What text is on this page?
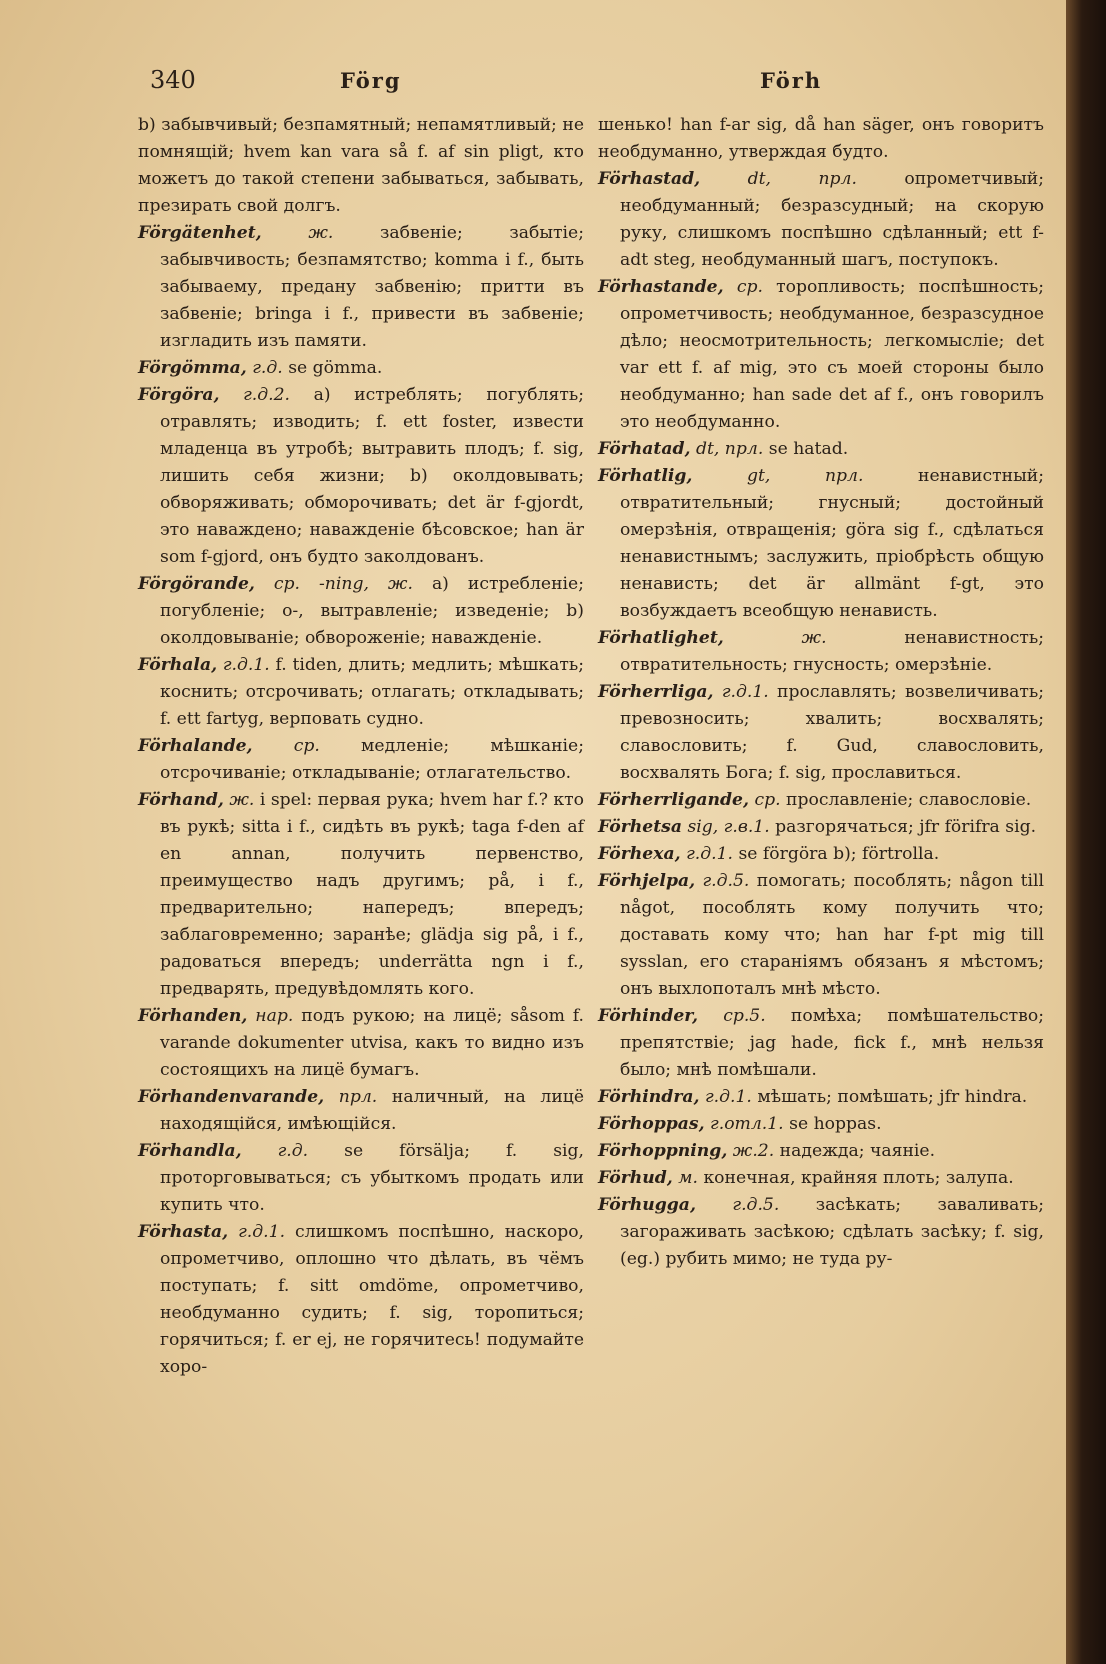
340	Förg	Förh

b) забывчивый; безпамятный; непамятливый; не помнящій; hvem kan vara så f. af sin pligt, кто можетъ до такой степени забываться, забывать, презирать свой долгъ.

Förgätenhet,	ж.	забвеніе; забытіе; забывчивость; безпамятство; komma i f., быть забываему, предану забвенію; притти въ забвеніе; bringa i f., привести въ забвеніе; изгладить изъ памяти.

Förgömma, г.д. se gömma.

Förgöra, г.д.2. а) истреблять; погублять; отравлять; изводить; f. ett foster, извести младенца въ утробѣ; вытравить плодъ; f. sig, лишить себя жизни; b) околдовывать; обворяживать; обморочивать; det är f-gjordt, это наваждено; наважденіе бѣсовское; han är som f-gjord, онъ будто заколдованъ.

Förgörande, ср. -ning, ж. а) истребленіе; погубленіе; о-, вытравленіе; изведеніе; b) околдовываніе; обвороженіе; наважденіе.

Förhala, г.д.1. f. tiden, длить; медлить; мѣшкать; коснить; отсрочивать; отлагать; откладывать; f. ett fartyg, верповать судно.

Förhalande, ср. медленіе; мѣшканіе; отсрочиваніе; откладываніе; отлагательство.

Förhand, ж. i spel: первая рука; hvem har f.? кто въ рукѣ; sitta i f., сидѣть въ рукѣ; taga f-den af en annan, получить первенство, преимущество надъ другимъ; på, i f., предварительно; напередъ; впередъ; заблаговременно; заранѣе; glädja sig på, i f., радоваться впередъ; underrätta ngn i f., предварять, предувѣдомлять кого.

Förhanden, нар. подъ рукою; на лицё; såsom f. varande dokumenter utvisa, какъ то видно изъ состоящихъ на лицё бумагъ.

Förhandenvarande, прл. наличный, на лицё находящійся, имѣющійся.

Förhandla, г.д. se försälja; f. sig, проторговываться; съ убыткомъ продать или купить что.

Förhasta, г.д.1. слишкомъ поспѣшно, наскоро, опрометчиво, оплошно что дѣлать, въ чёмъ поступать; f. sitt omdöme, опрометчиво, необдуманно судить; f. sig, торопиться; горячиться; f. er ej, не горячитесь! подумайте хоро-

шенько! han f-ar sig, då han säger, онъ говоритъ необдуманно, утверждая будто.

Förhastad,	dt, прл.	опрометчивый; необдуманный; безразсудный; на скорую руку, слишкомъ поспѣшно сдѣланный; ett f-adt steg, необдуманный шагъ, поступокъ.

Förhastande, ср. торопливость; поспѣшность; опрометчивость; необдуманное, безразсудное дѣло; неосмотрительность; легкомысліе; det var ett f. af mig, это съ моей стороны было необдуманно; han sade det af f., онъ говорилъ это необдуманно.

Förhatad, dt, прл. se hatad.

Förhatlig,	gt, прл.	ненавистный; отвратительный; гнусный; достойный омерзѣнія, отвращенія; göra sig f., сдѣлаться ненавистнымъ; заслужить, пріобрѣсть общую ненависть; det är allmänt f-gt, это возбуждаетъ всеобщую ненависть.

Förhatlighet,	ж.	ненавистность; отвратительность; гнусность; омерзѣніе.

Förherrliga, г.д.1. прославлять; возвеличивать; превозносить; хвалить; восхвалять; славословить; f. Gud, славословить, восхвалять Бога; f. sig, прославиться.

Förherrligande, ср. прославленіе; славословіе.

Förhetsa sig, г.в.1. разгорячаться; jfr förifra sig.

Förhexa, г.д.1. se förgöra b); förtrolla.

Förhjelpa, г.д.5. помогать; пособлять; någon till något, пособлять кому получить что; доставать кому что; han har f-pt mig till sysslan, его стараніямъ обязанъ я мѣстомъ; онъ выхлопоталъ мнѣ мѣсто.

Förhinder, ср.5. помѣха; помѣшательство; препятствіе; jag hade, fick f., мнѣ нельзя было; мнѣ помѣшали.

Förhindra, г.д.1. мѣшать; помѣшать; jfr hindra.

Förhoppas, г.отл.1. se hoppas.

Förhoppning, ж.2. надежда; чаяніе.

Förhud, м. конечная, крайняя плоть; залупа.

Förhugga, г.д.5. засѣкать; заваливать; загораживать засѣкою; сдѣлать засѣку; f. sig, (eg.) рубить мимо; не туда ру-
